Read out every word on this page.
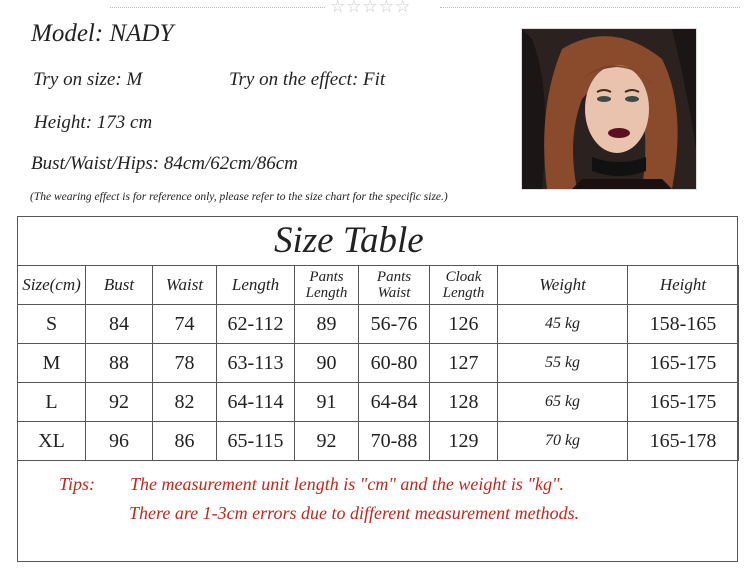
☆☆☆☆☆
Model: NADY
Try on size: M	Try on the effect: Fit
Height: 173 cm
Bust/Waist/Hips: 84cm/62cm/86cm
(The wearing effect is for reference only, please refer to the size chart for the specific size.)
Size Table
Size(cm)	Bust	Waist	Length	Pants Length	Pants Waist	Cloak Length	Weight	Height
S	84	74	62-112	89	56-76	126	45 kg	158-165
M	88	78	63-113	90	60-80	127	55 kg	165-175
L	92	82	64-114	91	64-84	128	65 kg	165-175
XL	96	86	65-115	92	70-88	129	70 kg	165-178
Tips: The measurement unit length is "cm" and the weight is "kg".
There are 1-3cm errors due to different measurement methods.
